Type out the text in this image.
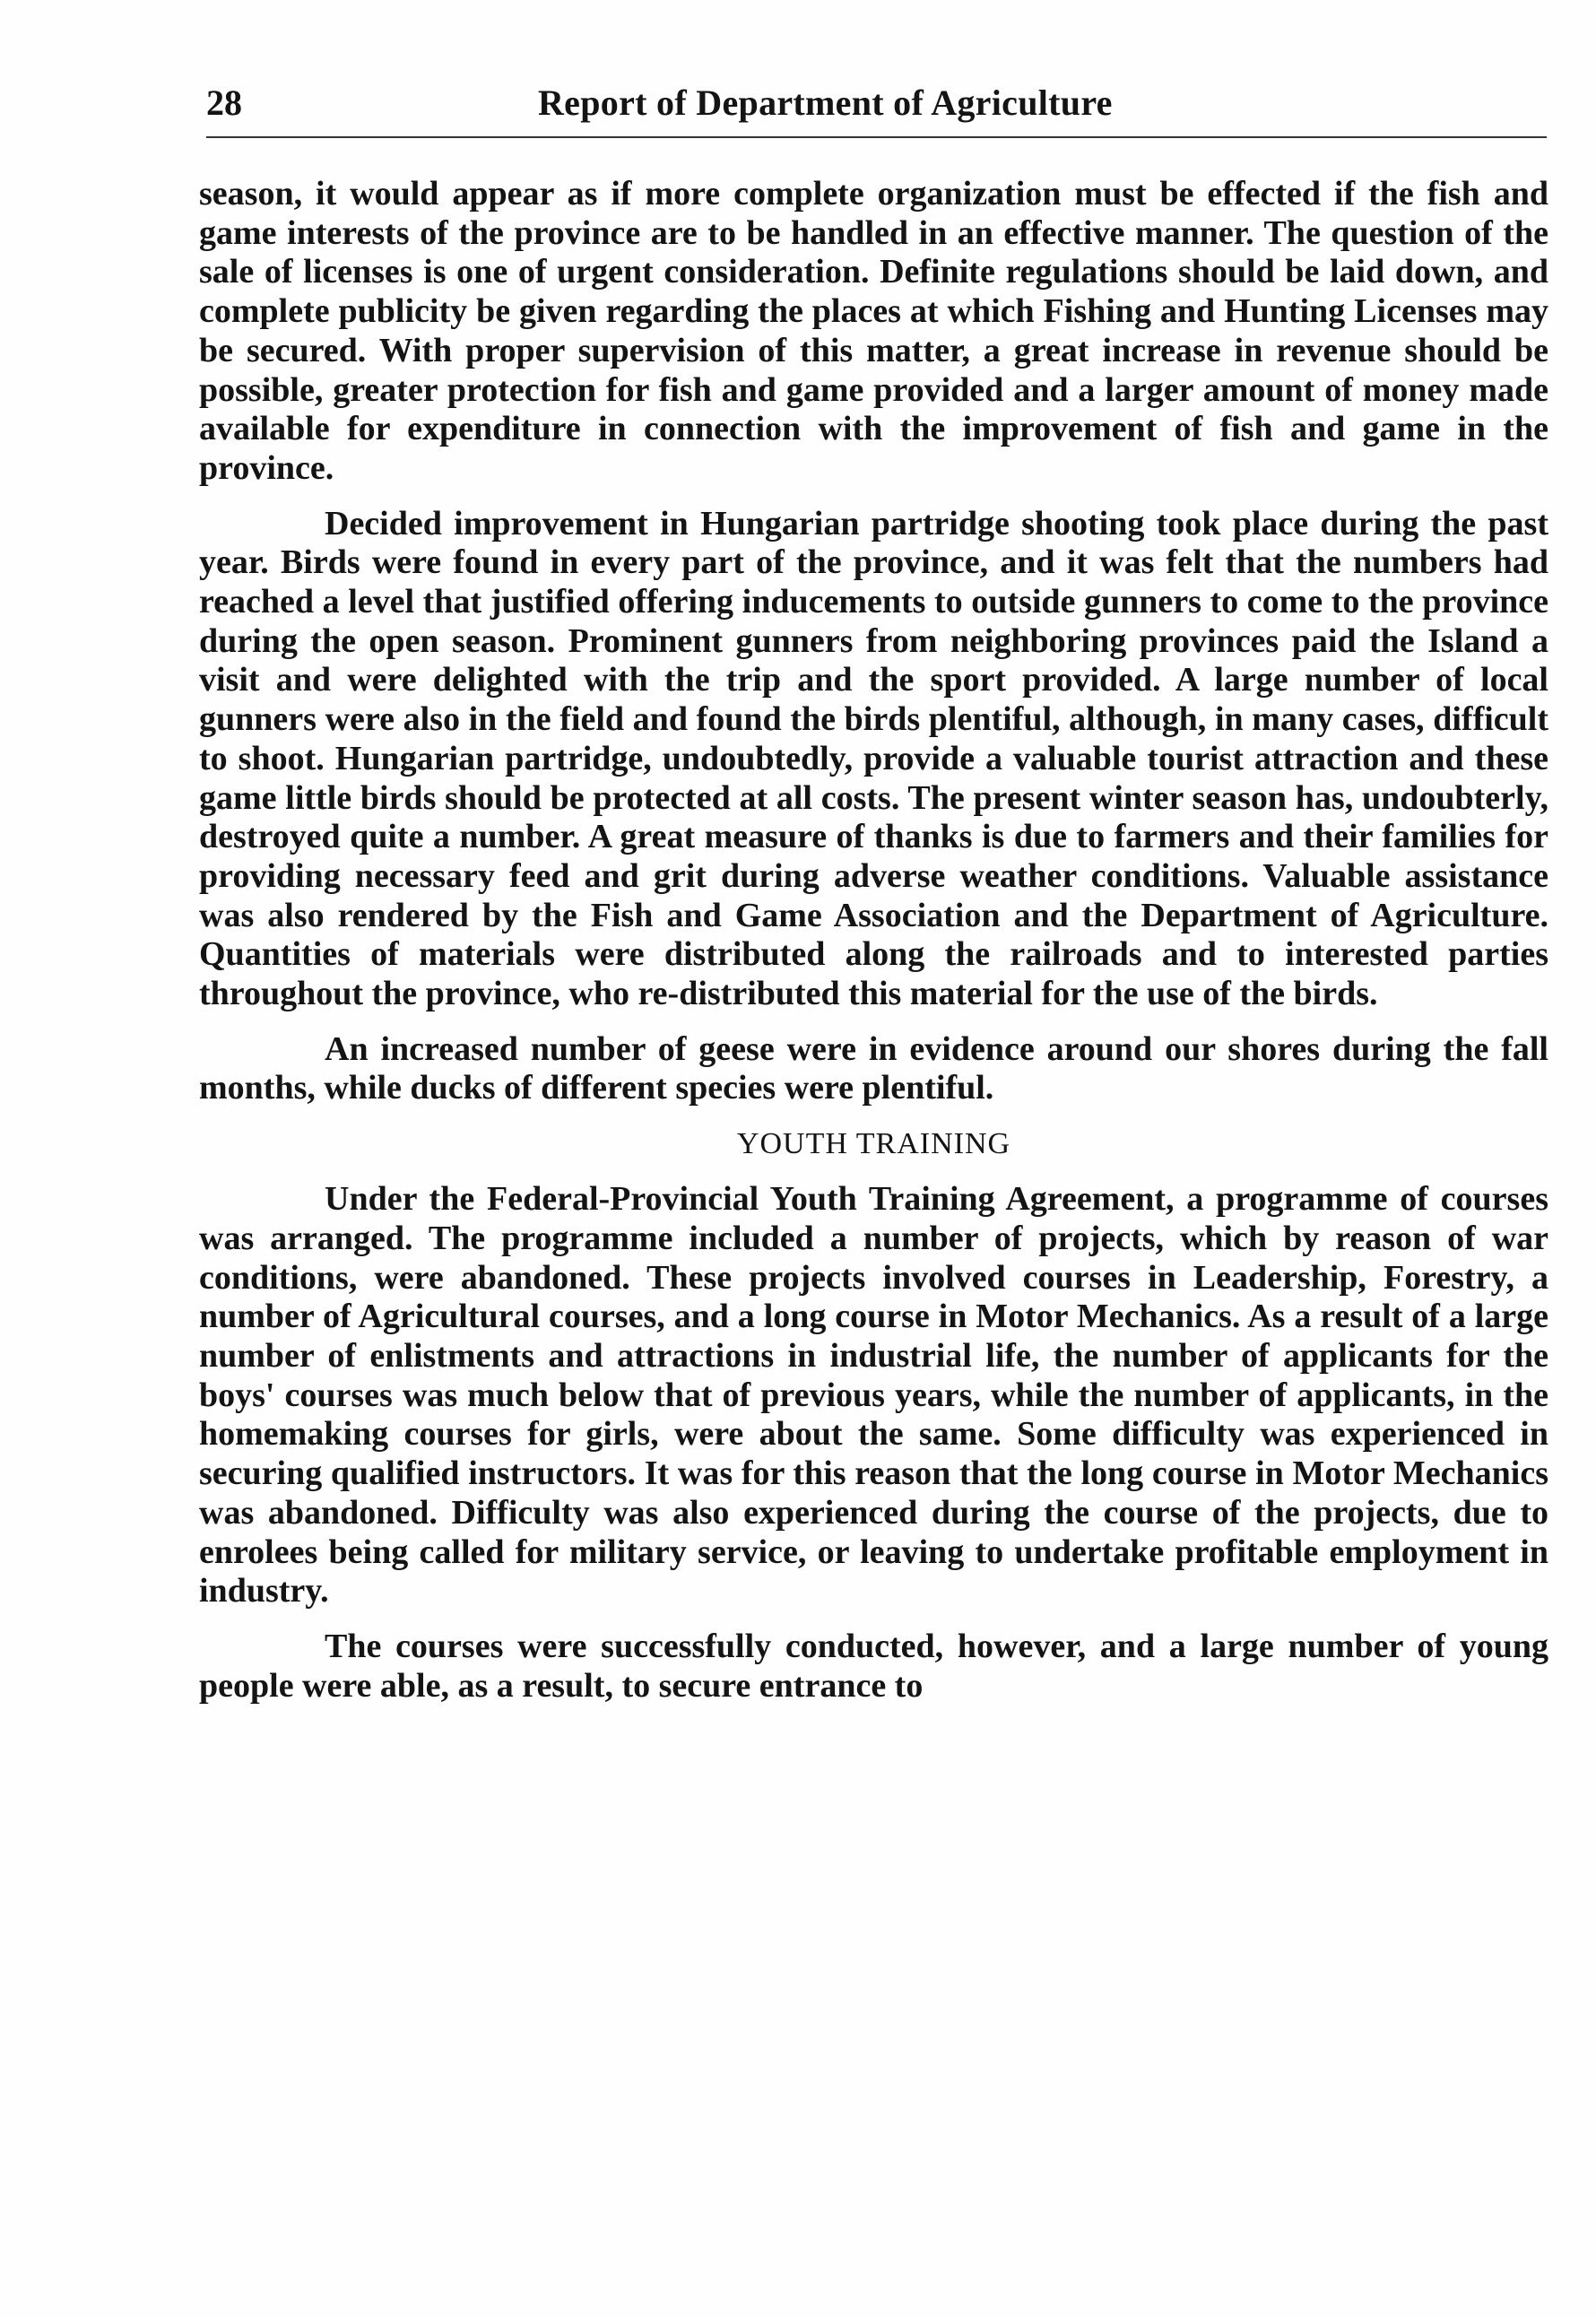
28	Report of Department of Agriculture

season, it would appear as if more complete organization must be effected if the fish and game interests of the province are to be handled in an effective manner. The question of the sale of licenses is one of urgent consideration. Definite regulations should be laid down, and complete publicity be given regarding the places at which Fishing and Hunting Licenses may be secured. With proper supervision of this matter, a great increase in revenue should be possible, greater protection for fish and game provided and a larger amount of money made available for expenditure in connection with the improvement of fish and game in the province.

Decided improvement in Hungarian partridge shooting took place during the past year. Birds were found in every part of the province, and it was felt that the numbers had reached a level that justified offering inducements to outside gunners to come to the province during the open season. Prominent gunners from neighboring provinces paid the Island a visit and were delighted with the trip and the sport provided. A large number of local gunners were also in the field and found the birds plentiful, although, in many cases, difficult to shoot. Hungarian partridge, undoubtedly, provide a valuable tourist attraction and these game little birds should be protected at all costs. The present winter season has, undoubterly, destroyed quite a number. A great measure of thanks is due to farmers and their families for providing necessary feed and grit during adverse weather conditions. Valuable assistance was also rendered by the Fish and Game Association and the Department of Agriculture. Quantities of materials were distributed along the railroads and to interested parties throughout the province, who re-distributed this material for the use of the birds.

An increased number of geese were in evidence around our shores during the fall months, while ducks of different species were plentiful.

YOUTH TRAINING

Under the Federal-Provincial Youth Training Agreement, a programme of courses was arranged. The programme included a number of projects, which by reason of war conditions, were abandoned. These projects involved courses in Leadership, Forestry, a number of Agricultural courses, and a long course in Motor Mechanics. As a result of a large number of enlistments and attractions in industrial life, the number of applicants for the boys' courses was much below that of previous years, while the number of applicants, in the homemaking courses for girls, were about the same. Some difficulty was experienced in securing qualified instructors. It was for this reason that the long course in Motor Mechanics was abandoned. Difficulty was also experienced during the course of the projects, due to enrolees being called for military service, or leaving to undertake profitable employment in industry.

The courses were successfully conducted, however, and a large number of young people were able, as a result, to secure entrance to
